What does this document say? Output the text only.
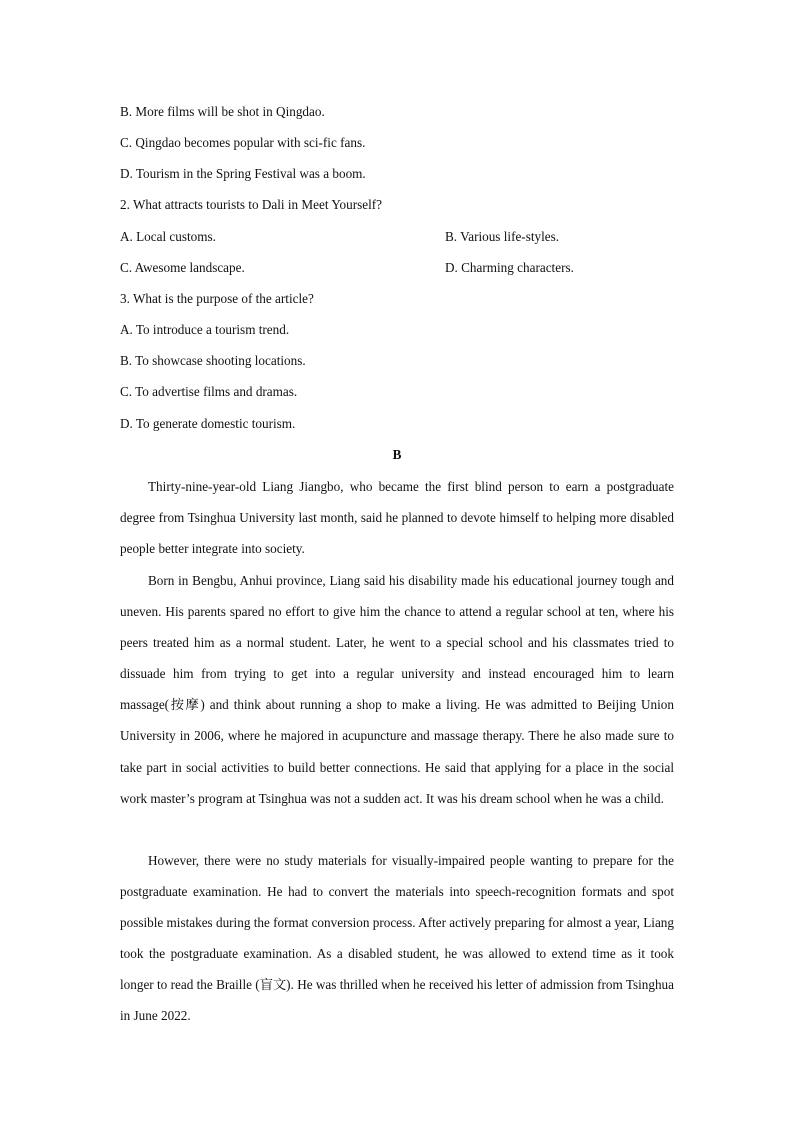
B. More films will be shot in Qingdao.
C. Qingdao becomes popular with sci-fic fans.
D. Tourism in the Spring Festival was a boom.
2. What attracts tourists to Dali in Meet Yourself?
A. Local customs.	B. Various life-styles.
C. Awesome landscape.	D. Charming characters.
3. What is the purpose of the article?
A. To introduce a tourism trend.
B. To showcase shooting locations.
C. To advertise films and dramas.
D. To generate domestic tourism.
B

Thirty-nine-year-old Liang Jiangbo, who became the first blind person to earn a postgraduate degree from Tsinghua University last month, said he planned to devote himself to helping more disabled people better integrate into society.

Born in Bengbu, Anhui province, Liang said his disability made his educational journey tough and uneven. His parents spared no effort to give him the chance to attend a regular school at ten, where his peers treated him as a normal student. Later, he went to a special school and his classmates tried to dissuade him from trying to get into a regular university and instead encouraged him to learn massage(按摩) and think about running a shop to make a living. He was admitted to Beijing Union University in 2006, where he majored in acupuncture and massage therapy. There he also made sure to take part in social activities to build better connections. He said that applying for a place in the social work master’s program at Tsinghua was not a sudden act. It was his dream school when he was a child.

However, there were no study materials for visually-impaired people wanting to prepare for the postgraduate examination. He had to convert the materials into speech-recognition formats and spot possible mistakes during the format conversion process. After actively preparing for almost a year, Liang took the postgraduate examination. As a disabled student, he was allowed to extend time as it took longer to read the Braille (盲文). He was thrilled when he received his letter of admission from Tsinghua in June 2022.
